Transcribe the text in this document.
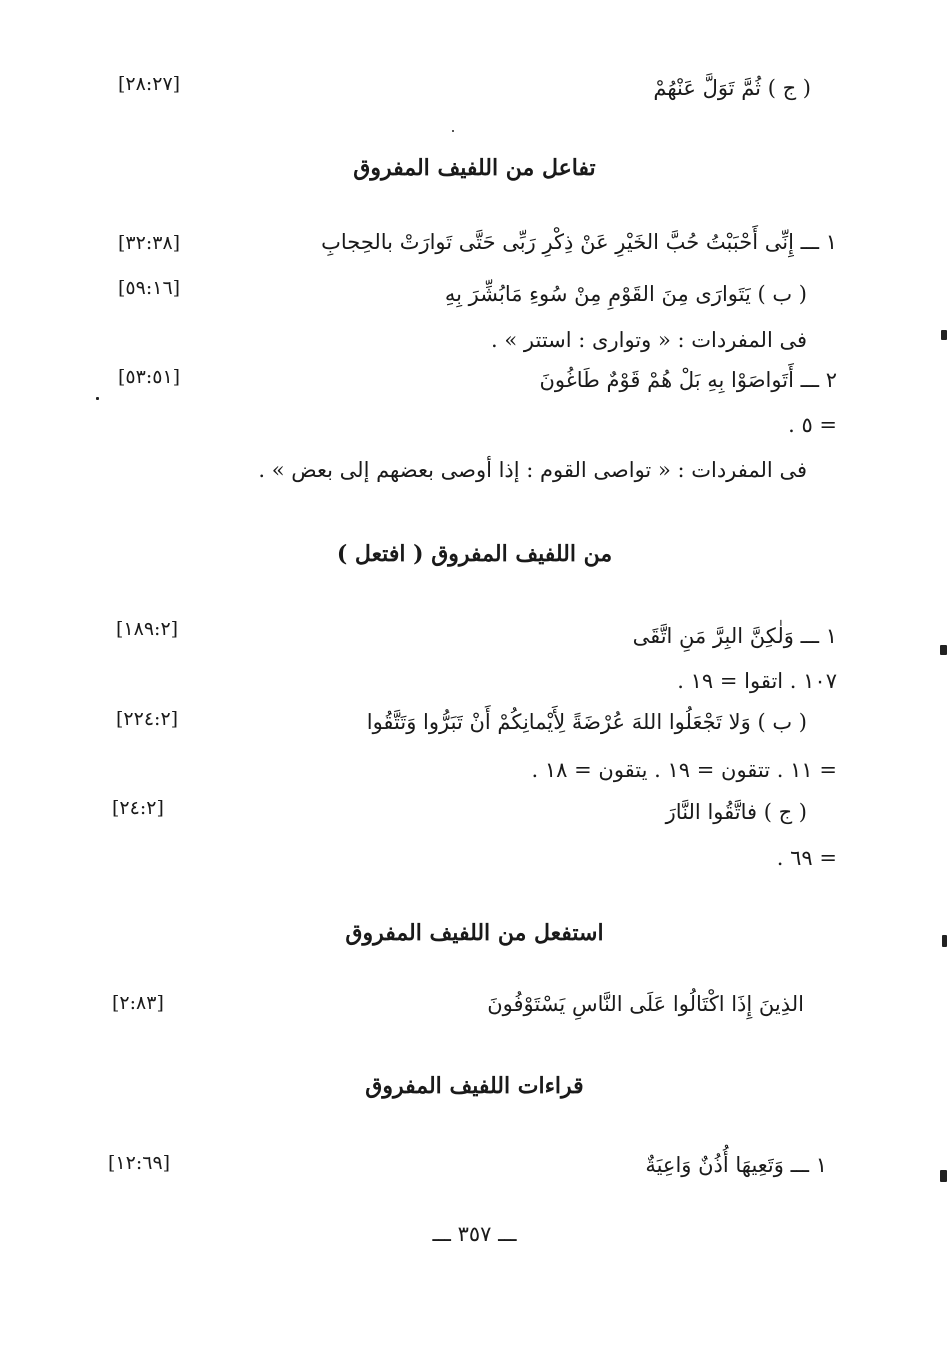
( ج ) ثُمَّ تَوَلَّ عَنْهُمْ
[٢٨:٢٧]
تفاعل من اللفيف المفروق
١ ـــ إِنِّى أَحْبَبْتُ حُبَّ الخَيْرِ عَنْ ذِكْرِ رَبِّى حَتَّى تَوارَتْ بالحِجابِ
[٣٢:٣٨]
( ب ) يَتَوارَى مِنَ القَوْمِ مِنْ سُوءِ مَابُشِّرَ بِهِ
[٥٩:١٦]
فى المفردات : « وتوارى : استتر » .
٢ ـــ أَتَواصَوْا بِهِ بَلْ هُمْ قَوْمٌ طَاغُونَ
[٥٣:٥١]
= ٥ .
فى المفردات : « تواصى القوم : إذا أوصى بعضهم إلى بعض » .
( افتعل ) من اللفيف المفروق
١ ـــ وَلٰكِنَّ البِرَّ مَنِ اتَّقَى
[١٨٩:٢]
١٠٧ . اتقوا = ١٩ .
( ب ) وَلا تَجْعَلُوا اللهَ عُرْضَةً لِأَيْمانِكُمْ أَنْ تَبَرُّوا وَتَتَّقُوا
[٢٢٤:٢]
= ١١ . تتقون = ١٩ . يتقون = ١٨ .
( ج ) فاتَّقُوا النَّارَ
[٢٤:٢]
= ٦٩ .
استفعل من اللفيف المفروق
الذِينَ إِذَا اكْتَالُوا عَلَى النَّاسِ يَسْتَوْفُونَ
[٢:٨٣]
قراءات اللفيف المفروق
١ ـــ وَتَعِيهَا أُذُنٌ وَاعِيَةٌ
[١٢:٦٩]
ـــ ٣٥٧ ـــ
